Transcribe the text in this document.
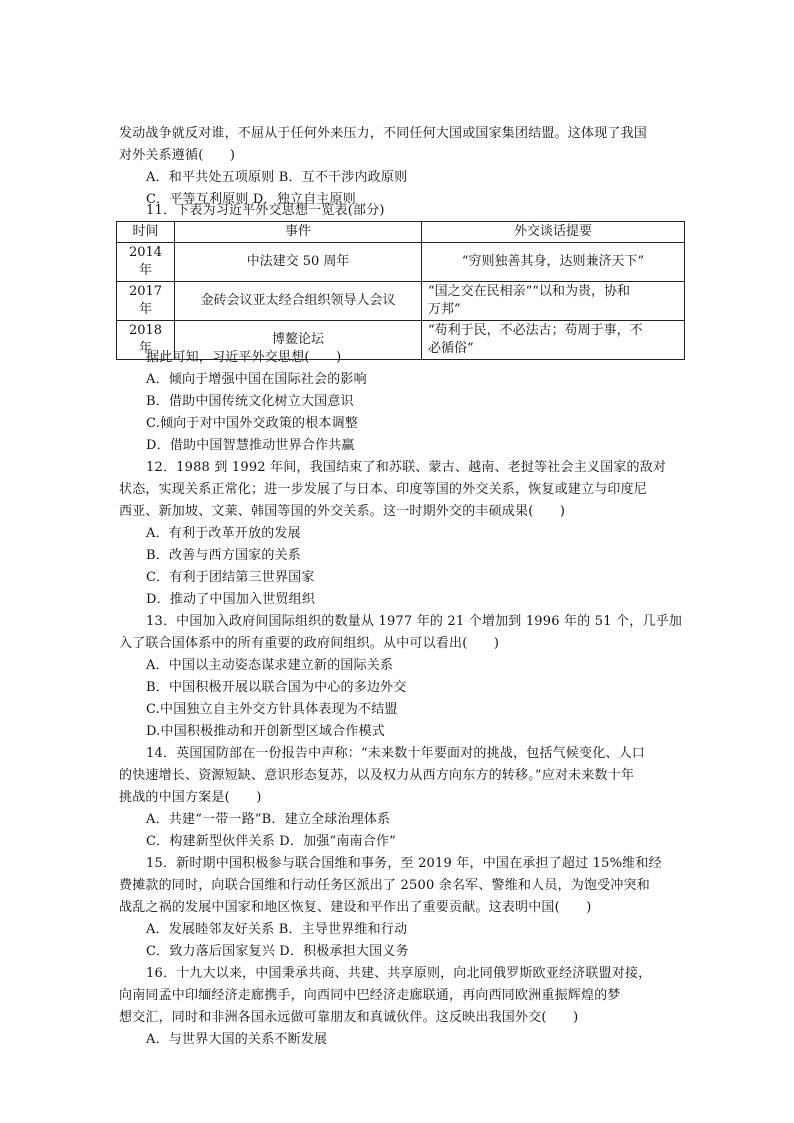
发动战争就反对谁，不屈从于任何外来压力，不同任何大国或国家集团结盟。这体现了我国
对外关系遵循(　　)
A．和平共处五项原则 B．互不干涉内政原则
C．平等互利原则 D．独立自主原则
11．下表为习近平外交思想一览表(部分)
时间	事件	外交谈话提要
2014 年	中法建交 50 周年	“穷则独善其身，达则兼济天下”
2017 年	金砖会议亚太经合组织领导人会议	“国之交在民相亲”“以和为贵，协和
万邦”

2018 年	博鳌论坛	“苟利于民，不必法古；苟周于事，不
必循俗”
据此可知，习近平外交思想(　　)
A．倾向于增强中国在国际社会的影响
B．借助中国传统文化树立大国意识
C.倾向于对中国外交政策的根本调整
D．借助中国智慧推动世界合作共赢
12．1988 到 1992 年间，我国结束了和苏联、蒙古、越南、老挝等社会主义国家的敌对
状态，实现关系正常化；进一步发展了与日本、印度等国的外交关系，恢复或建立与印度尼
西亚、新加坡、文莱、韩国等国的外交关系。这一时期外交的丰硕成果(　　)
A．有利于改革开放的发展
B．改善与西方国家的关系
C．有利于团结第三世界国家
D．推动了中国加入世贸组织
13．中国加入政府间国际组织的数量从 1977 年的 21 个增加到 1996 年的 51 个，几乎加
入了联合国体系中的所有重要的政府间组织。从中可以看出(　　)
A．中国以主动姿态谋求建立新的国际关系
B．中国积极开展以联合国为中心的多边外交
C.中国独立自主外交方针具体表现为不结盟
D.中国积极推动和开创新型区域合作模式
14．英国国防部在一份报告中声称：“未来数十年要面对的挑战，包括气候变化、人口
的快速增长、资源短缺、意识形态复苏，以及权力从西方向东方的转移。”应对未来数十年
挑战的中国方案是(　　)
A．共建“一带一路”B．建立全球治理体系
C．构建新型伙伴关系 D．加强“南南合作”
15．新时期中国积极参与联合国维和事务，至 2019 年，中国在承担了超过 15%维和经
费摊款的同时，向联合国维和行动任务区派出了 2500 余名军、警维和人员，为饱受冲突和
战乱之祸的发展中国家和地区恢复、建设和平作出了重要贡献。这表明中国(　　)
A．发展睦邻友好关系 B．主导世界维和行动
C．致力落后国家复兴 D．积极承担大国义务
16．十九大以来，中国秉承共商、共建、共享原则，向北同俄罗斯欧亚经济联盟对接，
向南同孟中印缅经济走廊携手，向西同中巴经济走廊联通，再向西同欧洲重振辉煌的梦
想交汇，同时和非洲各国永远做可靠朋友和真诚伙伴。这反映出我国外交(　　)
A．与世界大国的关系不断发展
